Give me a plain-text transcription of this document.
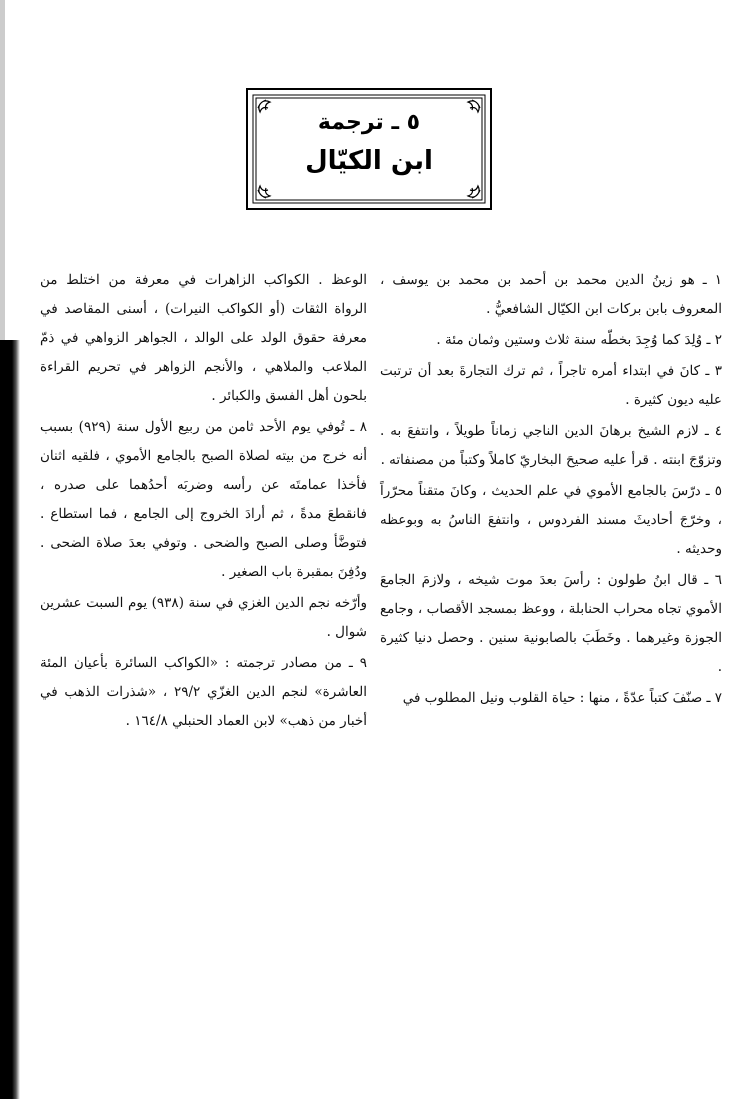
٥ ـ ترجمة
ابن الكيّال

١ ـ هو زينُ الدين محمد بن أحمد بن محمد بن يوسف ، المعروف بابن بركات ابن الكيّال الشافعيُّ .

٢ ـ وُلِدَ كما وُجِدَ بخطّه سنة ثلاث وستين وثمان مئة .

٣ ـ كانَ في ابتداء أمره تاجراً ، ثم ترك التجارةَ بعد أن ترتبت عليه ديون كثيرة .

٤ ـ لازم الشيخ برهانَ الدين الناجي زماناً طويلاً ، وانتفعَ به . وتزوّجَ ابنته . قرأ عليه صحيحَ البخاريّ كاملاً وكتباً من مصنفاته .

٥ ـ درّسَ بالجامع الأموي في علم الحديث ، وكانَ متقناً محرّراً ، وخرّجَ أحاديثَ مسند الفردوس ، وانتفعَ الناسُ به وبوعظه وحديثه .

٦ ـ قال ابنُ طولون : رأسَ بعدَ موت شيخه ، ولازمَ الجامعَ الأموي تجاه محراب الحنابلة ، ووعظ بمسجد الأقصاب ، وجامع الجوزة وغيرهما . وخَطَبَ بالصابونية سنين . وحصل دنيا كثيرة .

٧ ـ صنّفَ كتباً عدّةً ، منها : حياة القلوب ونيل المطلوب في

الوعظ . الكواكب الزاهرات في معرفة من اختلط من الرواة الثقات (أو الكواكب النيرات) ، أسنى المقاصد في معرفة حقوق الولد على الوالد ، الجواهر الزواهي في ذمّ الملاعب والملاهي ، والأنجم الزواهر في تحريم القراءة بلحون أهل الفسق والكبائر .

٨ ـ تُوفي يوم الأحد ثامن من ربيع الأول سنة (٩٢٩) بسبب أنه خرج من بيته لصلاة الصبح بالجامع الأموي ، فلقيه اثنان فأخذا عمامتَه عن رأسه وضربَه أحدُهما على صدره ، فانقطعَ مدةً ، ثم أرادَ الخروج إلى الجامع ، فما استطاع . فتوضَّأ وصلى الصبح والضحى . وتوفي بعدَ صلاة الضحى . ودُفِنَ بمقبرة باب الصغير .

وأرّخه نجم الدين الغزي في سنة (٩٣٨) يوم السبت عشرين شوال .

٩ ـ من مصادر ترجمته : «الكواكب السائرة بأعيان المئة العاشرة» لنجم الدين الغزّي ٢٩/٢ ، «شذرات الذهب في أخبار من ذهب» لابن العماد الحنبلي ١٦٤/٨ .
